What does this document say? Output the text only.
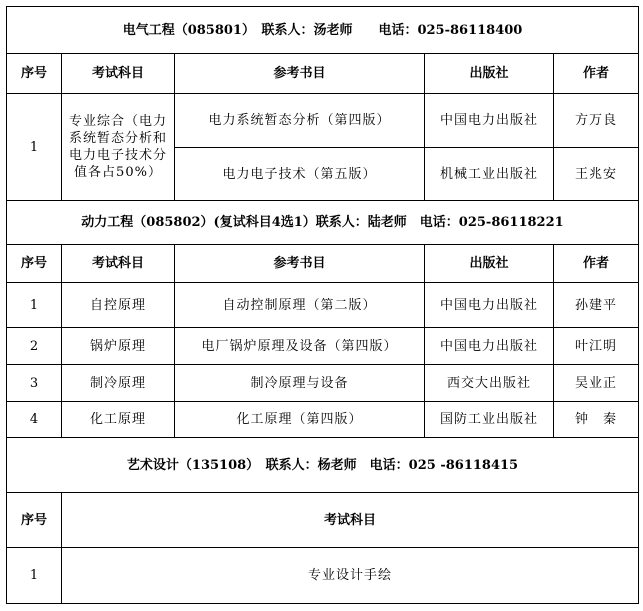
电气工程（085801）　联系人：汤老师　　电话：025-86118400				
序号	考试科目	参考书目	出版社	作者
1	专业综合（电力系统暂态分析和电力电子技术分值各占50%）	电力系统暂态分析（第四版）	中国电力出版社	方万良
		电力电子技术（第五版）	机械工业出版社	王兆安
动力工程（085802）(复试科目4选1）联系人：陆老师　电话：025-86118221				
序号	考试科目	参考书目	出版社	作者
1	自控原理	自动控制原理（第二版）	中国电力出版社	孙建平
2	锅炉原理	电厂锅炉原理及设备（第四版）	中国电力出版社	叶江明
3	制冷原理	制冷原理与设备	西交大出版社	吴业正
4	化工原理	化工原理（第四版）	国防工业出版社	钟　秦
艺术设计（135108）　联系人：杨老师　电话：025 -86118415	
序号	考试科目
1	专业设计手绘
